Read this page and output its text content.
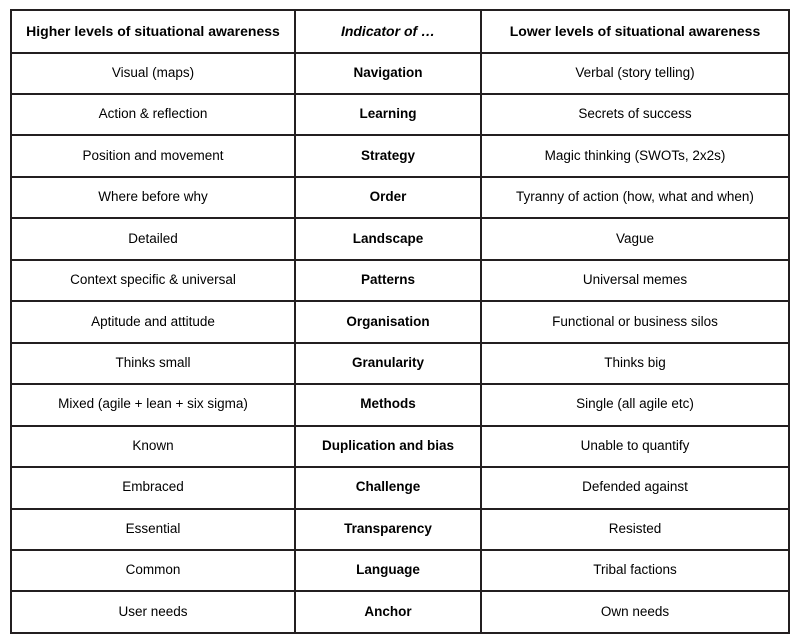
Higher levels of situational awareness	Indicator of …	Lower levels of situational awareness
Visual (maps)	Navigation	Verbal (story telling)
Action & reflection	Learning	Secrets of success
Position and movement	Strategy	Magic thinking (SWOTs, 2x2s)
Where before why	Order	Tyranny of action (how, what and when)
Detailed	Landscape	Vague
Context specific & universal	Patterns	Universal memes
Aptitude and attitude	Organisation	Functional or business silos
Thinks small	Granularity	Thinks big
Mixed (agile + lean + six sigma)	Methods	Single (all agile etc)
Known	Duplication and bias	Unable to quantify
Embraced	Challenge	Defended against
Essential	Transparency	Resisted
Common	Language	Tribal factions
User needs	Anchor	Own needs
